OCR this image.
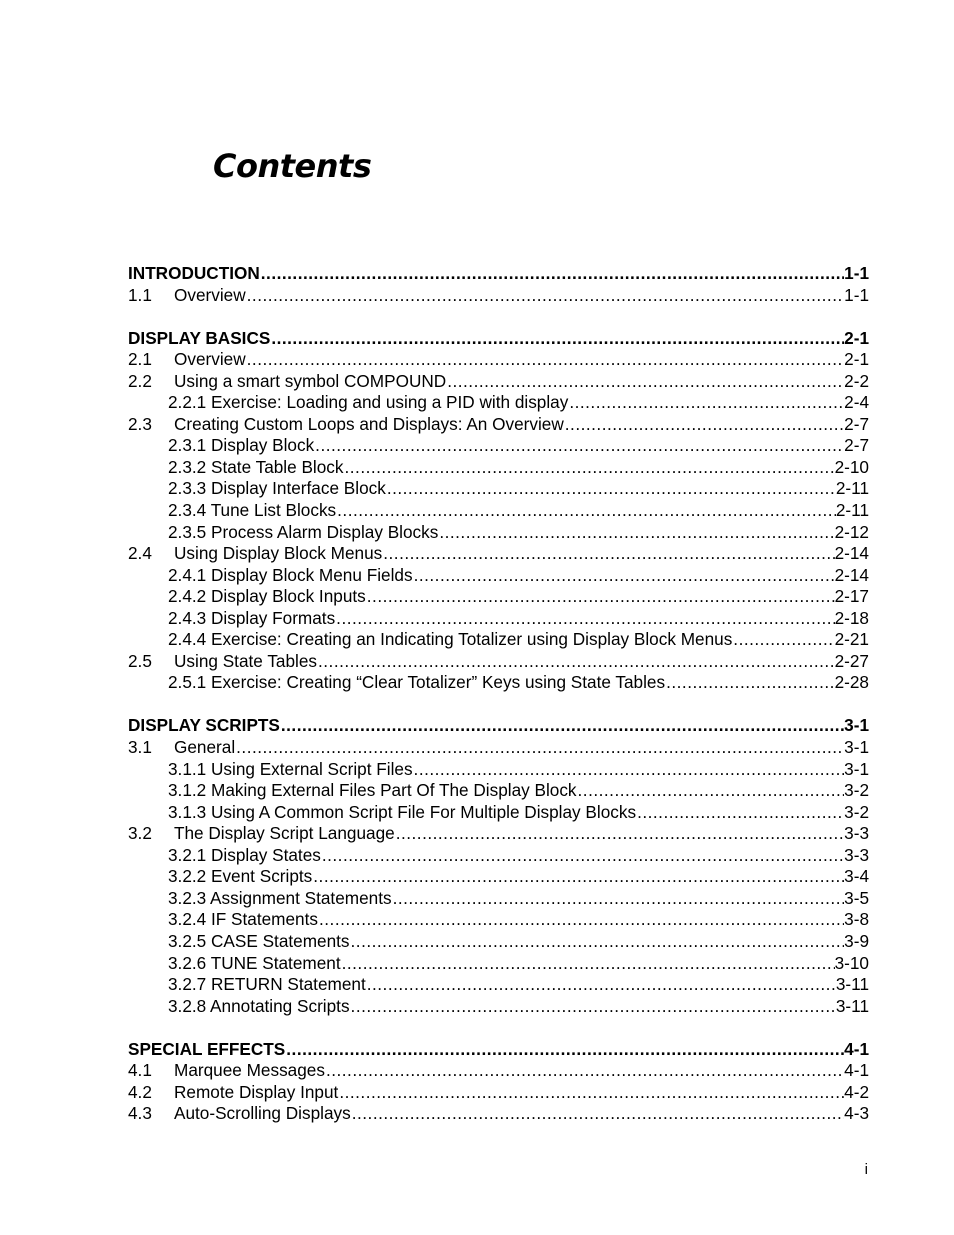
Contents
INTRODUCTION .....	1-1
1.1	Overview .....	1-1
DISPLAY BASICS .....	2-1
2.1	Overview .....	2-1
2.2	Using a smart symbol COMPOUND .....	2-2
2.2.1 Exercise: Loading and using a PID with display .....	2-4
2.3	Creating Custom Loops and Displays: An Overview .....	2-7
2.3.1 Display Block .....	2-7
2.3.2 State Table Block .....	2-10
2.3.3 Display Interface Block .....	2-11
2.3.4 Tune List Blocks .....	2-11
2.3.5 Process Alarm Display Blocks .....	2-12
2.4	Using Display Block Menus .....	2-14
2.4.1 Display Block Menu Fields .....	2-14
2.4.2 Display Block Inputs .....	2-17
2.4.3 Display Formats .....	2-18
2.4.4 Exercise: Creating an Indicating Totalizer using Display Block Menus .....	2-21
2.5	Using State Tables .....	2-27
2.5.1 Exercise: Creating “Clear Totalizer” Keys using State Tables .....	2-28
DISPLAY SCRIPTS .....	3-1
3.1	General .....	3-1
3.1.1 Using External Script Files .....	3-1
3.1.2 Making External Files Part Of The Display Block .....	3-2
3.1.3 Using A Common Script File For Multiple Display Blocks .....	3-2
3.2	The Display Script Language .....	3-3
3.2.1 Display States .....	3-3
3.2.2 Event Scripts .....	3-4
3.2.3 Assignment Statements .....	3-5
3.2.4 IF Statements .....	3-8
3.2.5 CASE Statements .....	3-9
3.2.6 TUNE Statement .....	3-10
3.2.7 RETURN Statement .....	3-11
3.2.8 Annotating Scripts .....	3-11
SPECIAL EFFECTS .....	4-1
4.1	Marquee Messages .....	4-1
4.2	Remote Display Input .....	4-2
4.3	Auto-Scrolling Displays .....	4-3
i
